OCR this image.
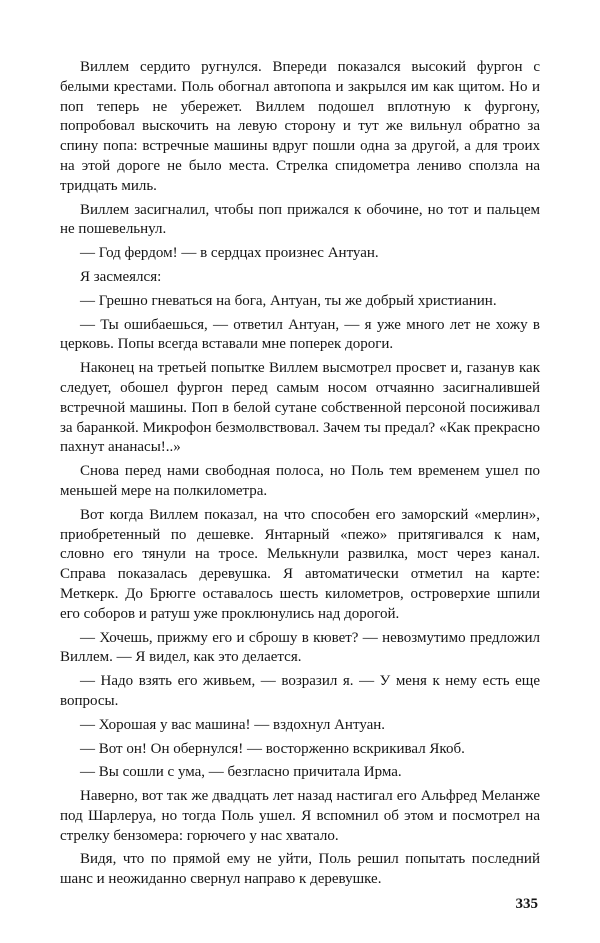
Виллем сердито ругнулся. Впереди показался высокий фургон с белыми крестами. Поль обогнал автопопа и закрылся им как щитом. Но и поп теперь не убережет. Виллем подошел вплотную к фургону, попробовал выскочить на левую сторону и тут же вильнул обратно за спину попа: встречные машины вдруг пошли одна за другой, а для троих на этой дороге не было места. Стрелка спидометра лениво сползла на тридцать миль.

Виллем засигналил, чтобы поп прижался к обочине, но тот и пальцем не пошевельнул.

— Год фердом! — в сердцах произнес Антуан.

Я засмеялся:

— Грешно гневаться на бога, Антуан, ты же добрый христианин.

— Ты ошибаешься, — ответил Антуан, — я уже много лет не хожу в церковь. Попы всегда вставали мне поперек дороги.

Наконец на третьей попытке Виллем высмотрел просвет и, газанув как следует, обошел фургон перед самым носом отчаянно засигналившей встречной машины. Поп в белой сутане собственной персоной посиживал за баранкой. Микрофон безмолвствовал. Зачем ты предал? «Как прекрасно пахнут ананасы!..»

Снова перед нами свободная полоса, но Поль тем временем ушел по меньшей мере на полкилометра.

Вот когда Виллем показал, на что способен его заморский «мерлин», приобретенный по дешевке. Янтарный «пежо» притягивался к нам, словно его тянули на тросе. Мелькнули развилка, мост через канал. Справа показалась деревушка. Я автоматически отметил на карте: Меткерк. До Брюгге оставалось шесть километров, островерхие шпили его соборов и ратуш уже проклюнулись над дорогой.

— Хочешь, прижму его и сброшу в кювет? — невозмутимо предложил Виллем. — Я видел, как это делается.

— Надо взять его живьем, — возразил я. — У меня к нему есть еще вопросы.

— Хорошая у вас машина! — вздохнул Антуан.

— Вот он! Он обернулся! — восторженно вскрикивал Якоб.

— Вы сошли с ума, — безгласно причитала Ирма.

Наверно, вот так же двадцать лет назад настигал его Альфред Меланже под Шарлеруа, но тогда Поль ушел. Я вспомнил об этом и посмотрел на стрелку бензомера: горючего у нас хватало.

Видя, что по прямой ему не уйти, Поль решил попытать последний шанс и неожиданно свернул направо к деревушке.

335
